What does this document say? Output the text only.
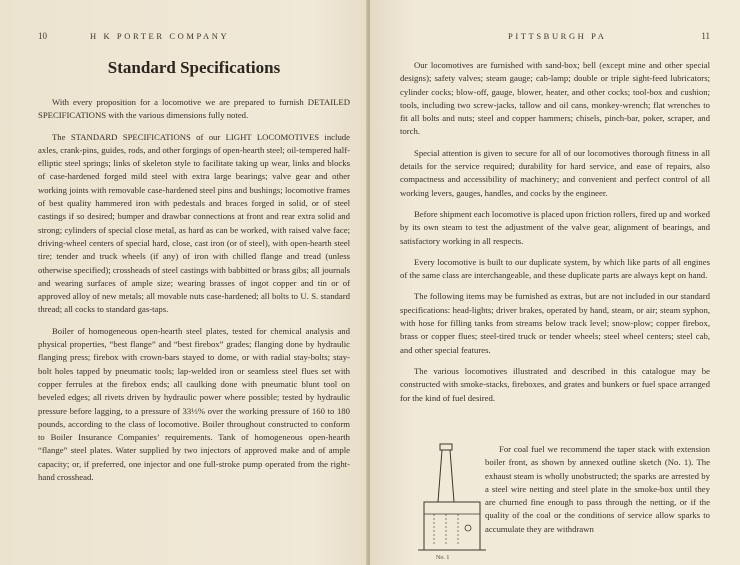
10	H K PORTER COMPANY
Standard Specifications

With every proposition for a locomotive we are prepared to furnish DETAILED SPECIFICATIONS with the various dimensions fully noted.

The STANDARD SPECIFICATIONS of our LIGHT LOCOMOTIVES include axles, crank-pins, guides, rods, and other forgings of open-hearth steel; oil-tempered half-elliptic steel springs; links of skeleton style to facilitate taking up wear, links and blocks of case-hardened forged mild steel with extra large bearings; valve gear and other working joints with removable case-hardened steel pins and bushings; locomotive frames of best quality hammered iron with pedestals and braces forged in solid, or of steel castings if so desired; bumper and drawbar connections at front and rear extra solid and strong; cylinders of special close metal, as hard as can be worked, with raised valve face; driving-wheel centers of special hard, close, cast iron (or of steel), with open-hearth steel tire; tender and truck wheels (if any) of iron with chilled flange and tread (unless otherwise specified); crossheads of steel castings with babbitted or brass gibs; all journals and wearing surfaces of ample size; wearing brasses of ingot copper and tin or of approved alloy of new metals; all movable nuts case-hardened; all bolts to U. S. standard thread; all cocks to standard gas-taps.

Boiler of homogeneous open-hearth steel plates, tested for chemical analysis and physical properties, “best flange” and “best firebox” grades; flanging done by hydraulic flanging press; firebox with crown-bars stayed to dome, or with radial stay-bolts; stay-bolt holes tapped by pneumatic tools; lap-welded iron or seamless steel flues set with copper ferrules at the firebox ends; all caulking done with pneumatic blunt tool on beveled edges; all rivets driven by hydraulic power where possible; tested by hydraulic pressure before lagging, to a pressure of 33⅓% over the working pressure of 160 to 180 pounds, according to the class of locomotive. Boiler throughout constructed to conform to Boiler Insurance Companies’ requirements. Tank of homogeneous open-hearth “flange” steel plates. Water supplied by two injectors of approved make and of ample capacity; or, if preferred, one injector and one full-stroke pump operated from the right-hand crosshead.

PITTSBURGH PA	11

Our locomotives are furnished with sand-box; bell (except mine and other special designs); safety valves; steam gauge; cab-lamp; double or triple sight-feed lubricators; cylinder cocks; blow-off, gauge, blower, heater, and other cocks; tool-box and cushion; tools, including two screw-jacks, tallow and oil cans, monkey-wrench; flat wrenches to fit all bolts and nuts; steel and copper hammers; chisels, pinch-bar, poker, scraper, and torch.

Special attention is given to secure for all of our locomotives thorough fitness in all details for the service required; durability for hard service, and ease of repairs, also compactness and accessibility of machinery; and convenient and perfect control of all working levers, gauges, handles, and cocks by the engineer.

Before shipment each locomotive is placed upon friction rollers, fired up and worked by its own steam to test the adjustment of the valve gear, alignment of bearings, and satisfactory working in all respects.

Every locomotive is built to our duplicate system, by which like parts of all engines of the same class are interchangeable, and these duplicate parts are always kept on hand.

The following items may be furnished as extras, but are not included in our standard specifications: head-lights; driver brakes, operated by hand, steam, or air; steam syphon, with hose for filling tanks from streams below track level; snow-plow; copper firebox, brass or copper flues; steel-tired truck or tender wheels; steel wheel centers; steel cab, and other special features.

The various locomotives illustrated and described in this catalogue may be constructed with smoke-stacks, fireboxes, and grates and bunkers or fuel space arranged for the kind of fuel desired.

For coal fuel we recommend the taper stack with extension boiler front, as shown by annexed outline sketch (No. 1). The exhaust steam is wholly unobstructed; the sparks are arrested by a steel wire netting and steel plate in the smoke-box until they are churned fine enough to pass through the netting, or if the quality of the coal or the conditions of service allow sparks to accumulate they are withdrawn

No. 1
